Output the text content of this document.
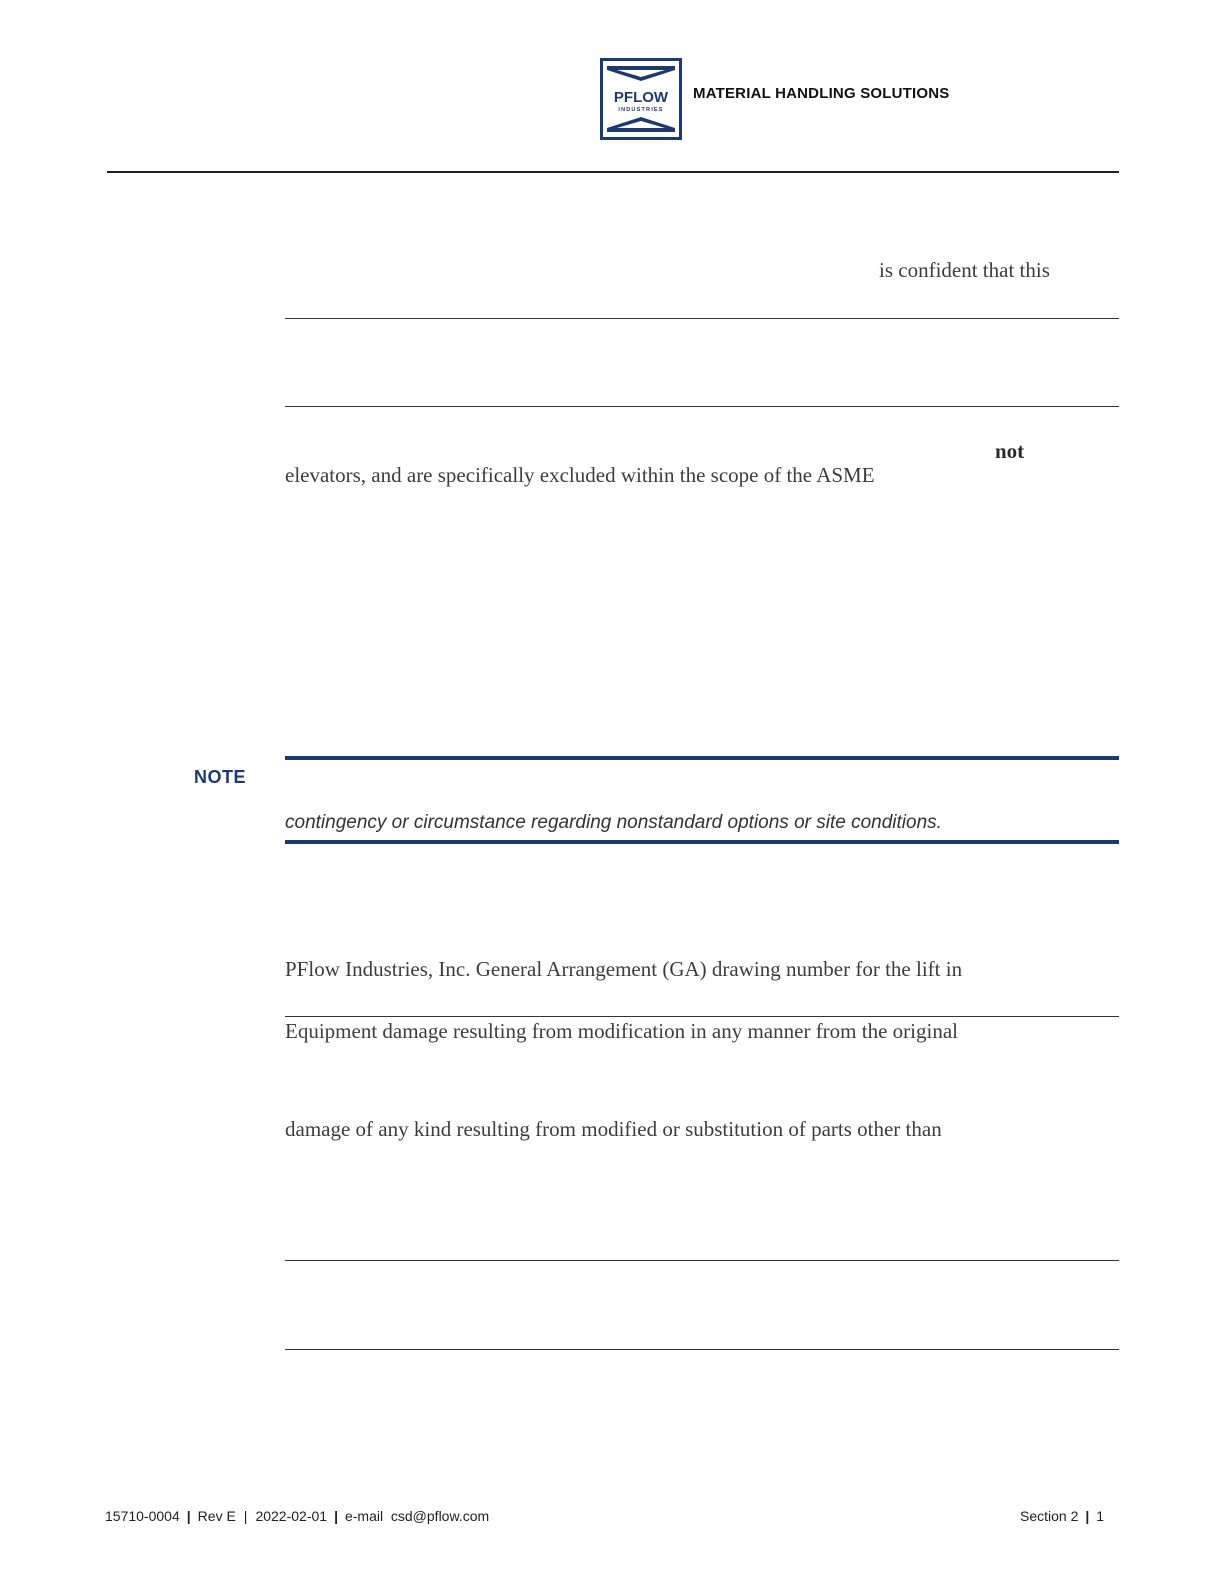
PFLOW
INDUSTRIES
MATERIAL HANDLING SOLUTIONS
is confident that this
not
elevators, and are specifically excluded within the scope of the ASME
NOTE
contingency or circumstance regarding nonstandard options or site conditions.
PFlow Industries, Inc. General Arrangement (GA) drawing number for the lift in
Equipment damage resulting from modification in any manner from the original
damage of any kind resulting from modified or substitution of parts other than
15710-0004 | Rev E | 2022-02-01 | e-mail csd@pflow.com	Section 2 | 1
